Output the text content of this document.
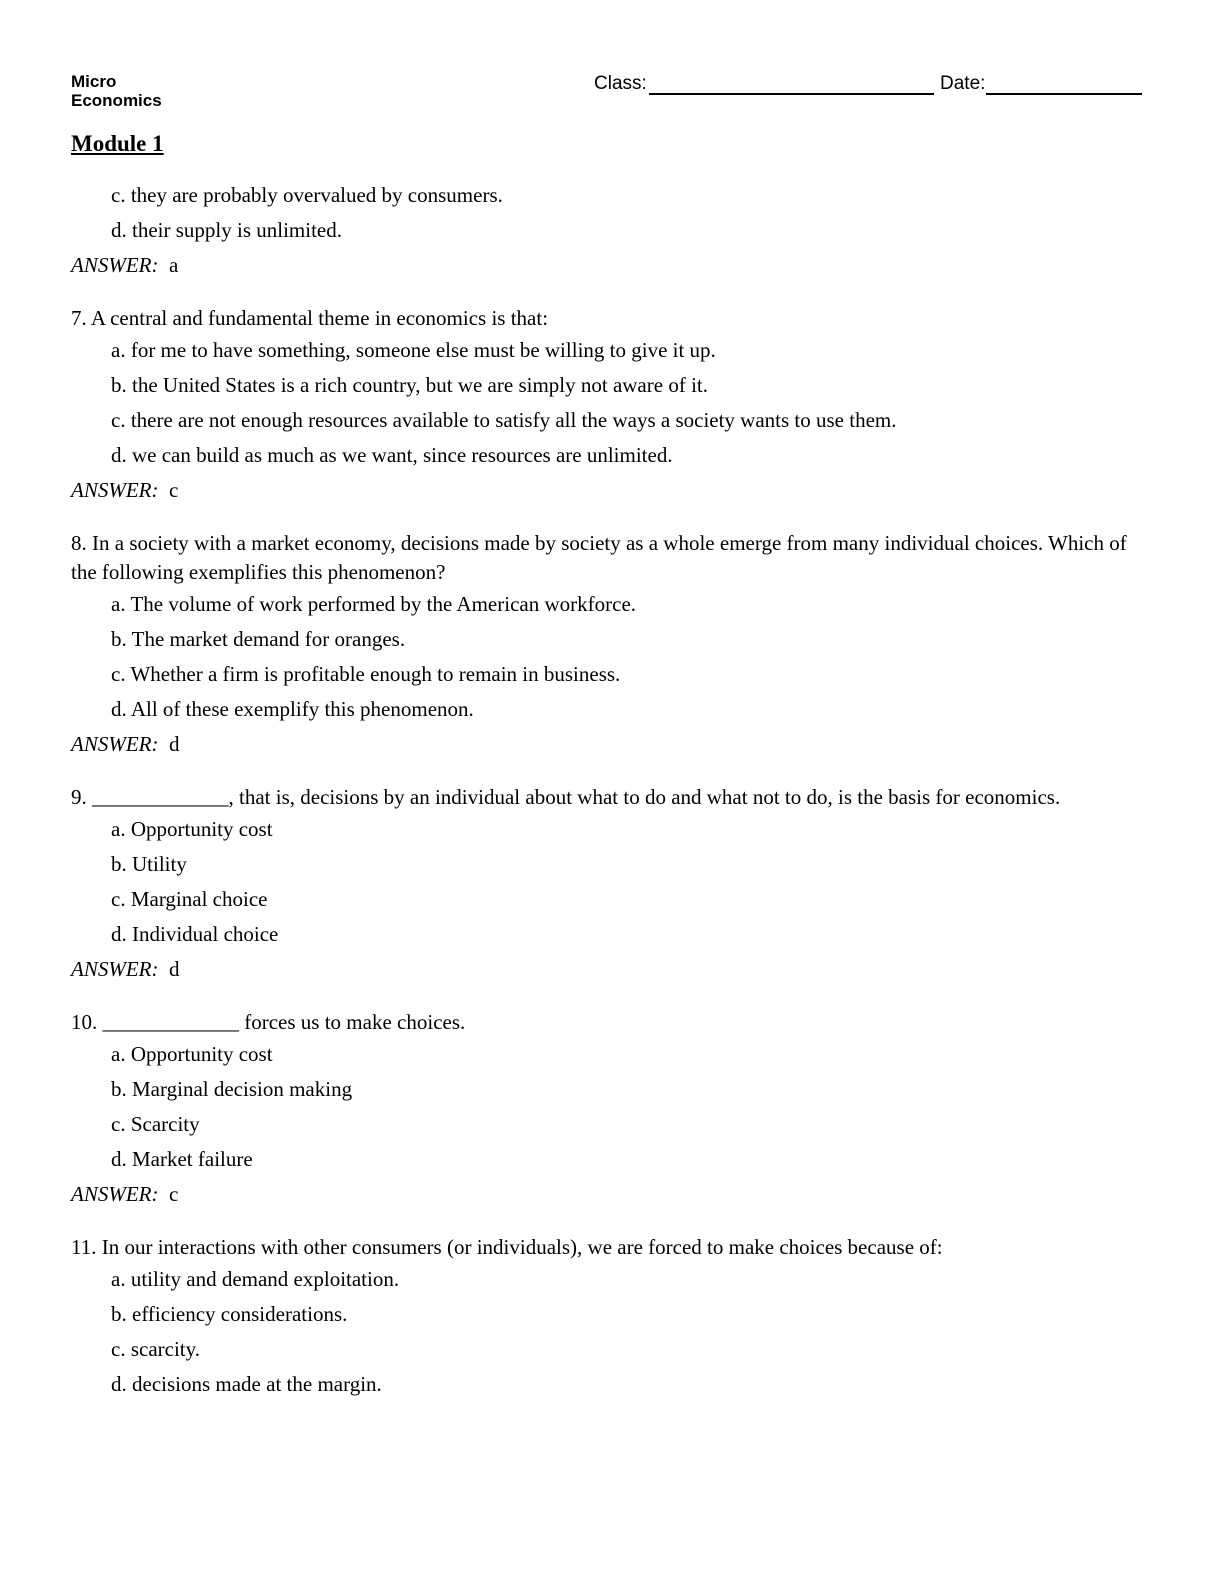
Micro
Economics
Class:	Date:
Module 1
c. they are probably overvalued by consumers.
d. their supply is unlimited.
ANSWER: a

7. A central and fundamental theme in economics is that:

a. for me to have something, someone else must be willing to give it up.
b. the United States is a rich country, but we are simply not aware of it.
c. there are not enough resources available to satisfy all the ways a society wants to use them.
d. we can build as much as we want, since resources are unlimited.
ANSWER: c

8. In a society with a market economy, decisions made by society as a whole emerge from many individual choices. Which of the following exemplifies this phenomenon?

a. The volume of work performed by the American workforce.
b. The market demand for oranges.
c. Whether a firm is profitable enough to remain in business.
d. All of these exemplify this phenomenon.
ANSWER: d

9. _____________, that is, decisions by an individual about what to do and what not to do, is the basis for economics.

a. Opportunity cost
b. Utility
c. Marginal choice
d. Individual choice
ANSWER: d

10. _____________ forces us to make choices.

a. Opportunity cost
b. Marginal decision making
c. Scarcity
d. Market failure
ANSWER: c

11. In our interactions with other consumers (or individuals), we are forced to make choices because of:

a. utility and demand exploitation.
b. efficiency considerations.
c. scarcity.
d. decisions made at the margin.
